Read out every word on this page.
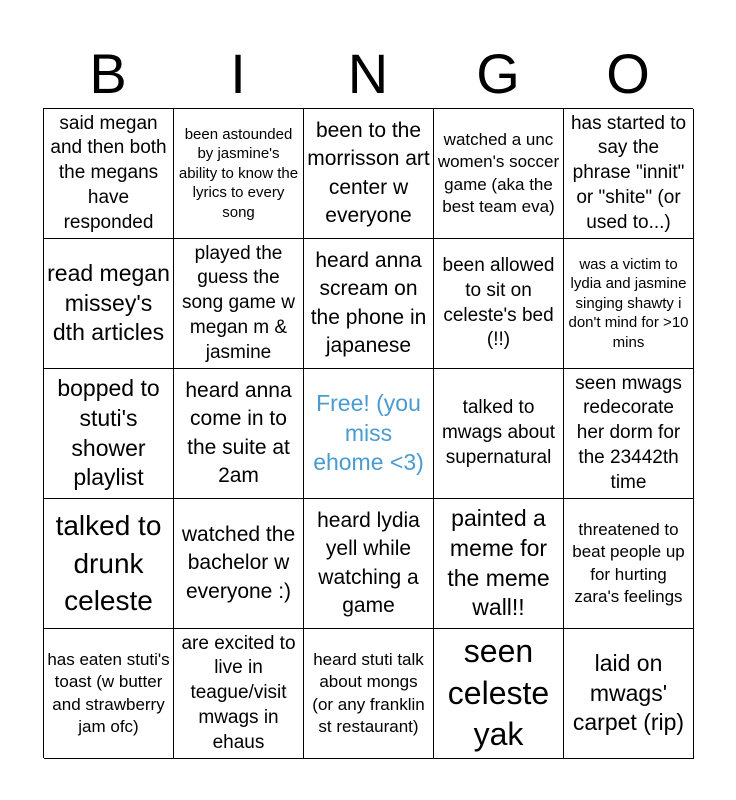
B	I	N	G	O
said megan and then both the megans have responded
been astounded by jasmine's ability to know the lyrics to every song
been to the morrisson art center w everyone
watched a unc women's soccer game (aka the best team eva)
has started to say the phrase "innit" or "shite" (or used to...)
read megan missey's dth articles
played the guess the song game w megan m & jasmine
heard anna scream on the phone in japanese
been allowed to sit on celeste's bed (!!)
was a victim to lydia and jasmine singing shawty i don't mind for >10 mins
bopped to stuti's shower playlist
heard anna come in to the suite at 2am
Free! (you miss ehome <3)
talked to mwags about supernatural
seen mwags redecorate her dorm for the 23442th time
talked to drunk celeste
watched the bachelor w everyone :)
heard lydia yell while watching a game
painted a meme for the meme wall!!
threatened to beat people up for hurting zara's feelings
has eaten stuti's toast (w butter and strawberry jam ofc)
are excited to live in teague/visit mwags in ehaus
heard stuti talk about mongs (or any franklin st restaurant)
seen celeste yak
laid on mwags' carpet (rip)
